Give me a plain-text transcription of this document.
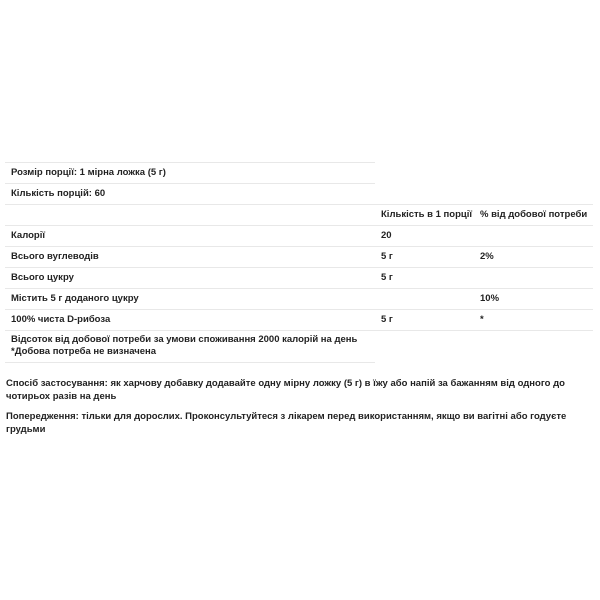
Розмір порції: 1 мірна ложка (5 г)
Кількість порцій: 60
	Кількість в 1 порції	% від добової потреби
Калорії	20	
Всього вуглеводів	5 г	2%
Всього цукру	5 г	
Містить 5 г доданого цукру		10%
100% чиста D-рибоза	5 г	*
Відсоток від добової потреби за умови споживання 2000 калорій на день
*Добова потреба не визначена
Спосіб застосування: як харчову добавку додавайте одну мірну ложку (5 г) в їжу або напій за бажанням від одного до чотирьох разів на день
Попередження: тільки для дорослих. Проконсультуйтеся з лікарем перед використанням, якщо ви вагітні або годуєте грудьми
